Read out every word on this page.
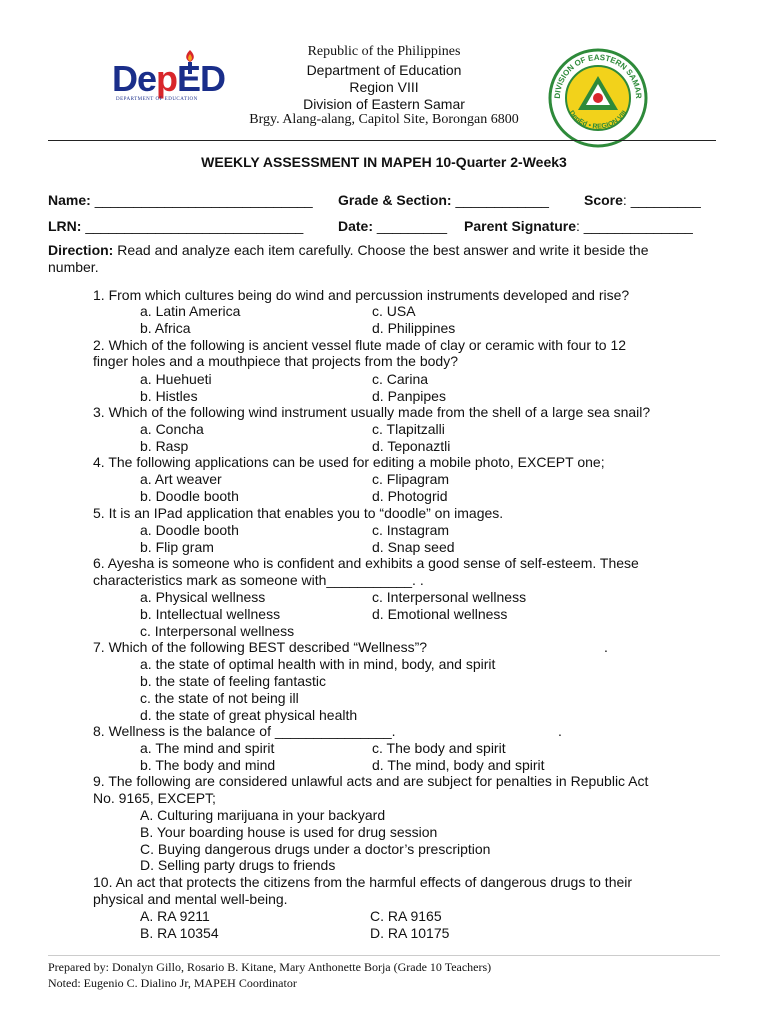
DepED
DEPARTMENT OF EDUCATION
Republic of the Philippines
Department of Education
Region VIII
Division of Eastern Samar
Brgy. Alang-alang, Capitol Site, Borongan 6800
DIVISION OF EASTERN SAMAR
DepEd • REGION VIII
WEEKLY ASSESSMENT IN MAPEH 10-Quarter 2-Week3
Name: ____________________________ Grade & Section: ____________	Score: _________
LRN: ____________________________ Date: _________ Parent Signature: ______________
Direction: Read and analyze each item carefully. Choose the best answer and write it beside the
number.
1. From which cultures being do wind and percussion instruments developed and rise?
a. Latin America	c. USA
b. Africa	d. Philippines
2. Which of the following is ancient vessel flute made of clay or ceramic with four to 12
finger holes and a mouthpiece that projects from the body?
a. Huehueti	c. Carina
b. Histles	d. Panpipes
3. Which of the following wind instrument usually made from the shell of a large sea snail?
a. Concha	c. Tlapitzalli
b. Rasp	d. Teponaztli
4. The following applications can be used for editing a mobile photo, EXCEPT one;
a. Art weaver	c. Flipagram
b. Doodle booth	d. Photogrid
5. It is an IPad application that enables you to “doodle” on images.
a. Doodle booth	c. Instagram
b. Flip gram	d. Snap seed
6. Ayesha is someone who is confident and exhibits a good sense of self-esteem. These
characteristics mark as someone with___________. .
a. Physical wellness	c. Interpersonal wellness
b. Intellectual wellness	d. Emotional wellness
c. Interpersonal wellness
7. Which of the following BEST described “Wellness”?	.
a. the state of optimal health with in mind, body, and spirit
b. the state of feeling fantastic
c. the state of not being ill
d. the state of great physical health
8. Wellness is the balance of _______________.	.
a. The mind and spirit	c. The body and spirit
b. The body and mind	d. The mind, body and spirit
9. The following are considered unlawful acts and are subject for penalties in Republic Act
No. 9165, EXCEPT;
A. Culturing marijuana in your backyard
B. Your boarding house is used for drug session
C. Buying dangerous drugs under a doctor’s prescription
D. Selling party drugs to friends
10. An act that protects the citizens from the harmful effects of dangerous drugs to their
physical and mental well-being.
A. RA 9211	C. RA 9165
B. RA 10354	D. RA 10175
Prepared by: Donalyn Gillo, Rosario B. Kitane, Mary Anthonette Borja (Grade 10 Teachers)
Noted: Eugenio C. Dialino Jr, MAPEH Coordinator
